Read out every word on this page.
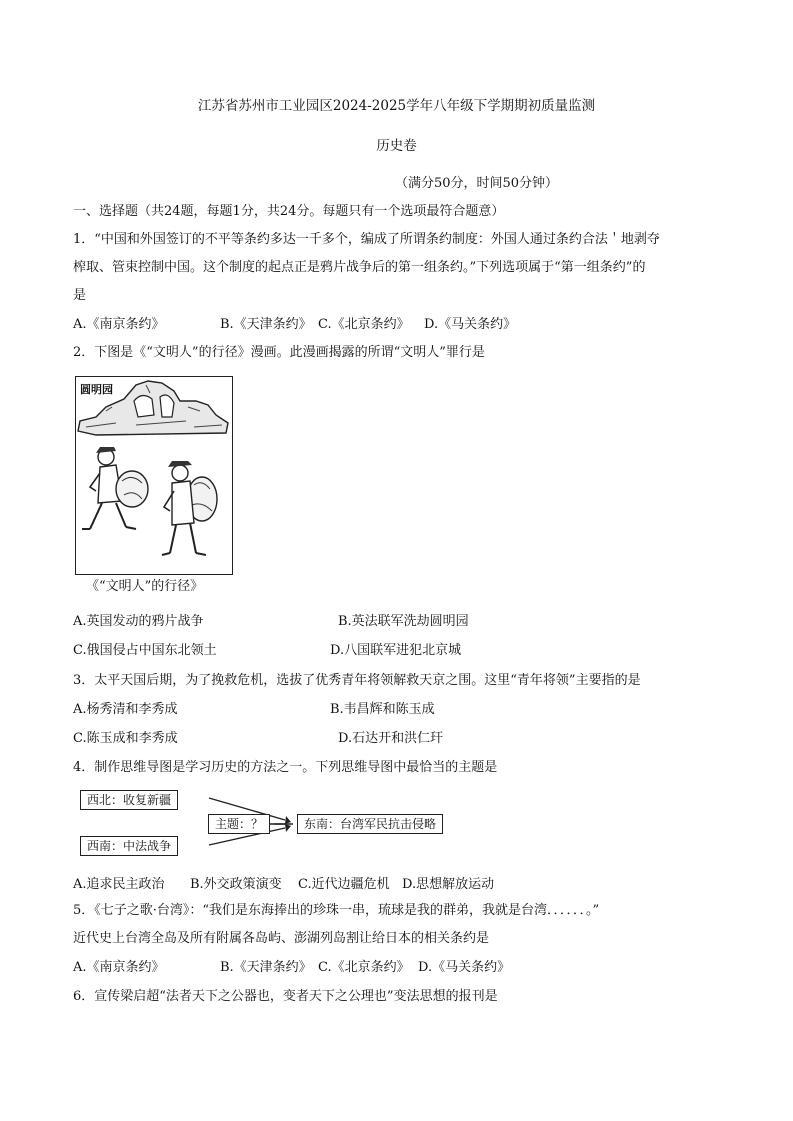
江苏省苏州市工业园区2024-2025学年八年级下学期期初质量监测
历史卷
（满分50分，时间50分钟）
一、选择题（共24题，每题1分，共24分。每题只有一个选项最符合题意）
1．“中国和外国签订的不平等条约多达一千多个，编成了所谓条约制度：外国人通过条约合法＇地剥夺
榨取、管束控制中国。这个制度的起点正是鸦片战争后的第一组条约。”下列选项属于“第一组条约”的
是
A.《南京条约》	B.《天津条约》 C.《北京条约》 D.《马关条约》
2．下图是《“文明人”的行径》漫画。此漫画揭露的所谓“文明人”罪行是
圆明园
《“文明人”的行径》
A.英国发动的鸦片战争	B.英法联军洗劫圆明园
C.俄国侵占中国东北领土	D.八国联军进犯北京城
3．太平天国后期，为了挽救危机，选拔了优秀青年将领解救天京之围。这里“青年将领”主要指的是
A.杨秀清和李秀成	B.韦昌辉和陈玉成
C.陈玉成和李秀成	D.石达开和洪仁玕
4．制作思维导图是学习历史的方法之一。下列思维导图中最恰当的主题是
西北：收复新疆
西南：中法战争
主题：？	东南：台湾军民抗击侵略
A.追求民主政治 B.外交政策演变 C.近代边疆危机 D.思想解放运动
5．《七子之歌·台湾》：“我们是东海捧出的珍珠一串，琉球是我的群弟，我就是台湾．．．．．．。”
近代史上台湾全岛及所有附属各岛屿、澎湖列岛割让给日本的相关条约是
A.《南京条约》	B.《天津条约》 C.《北京条约》 D.《马关条约》
6．宣传梁启超“法者天下之公器也，变者天下之公理也”变法思想的报刊是
